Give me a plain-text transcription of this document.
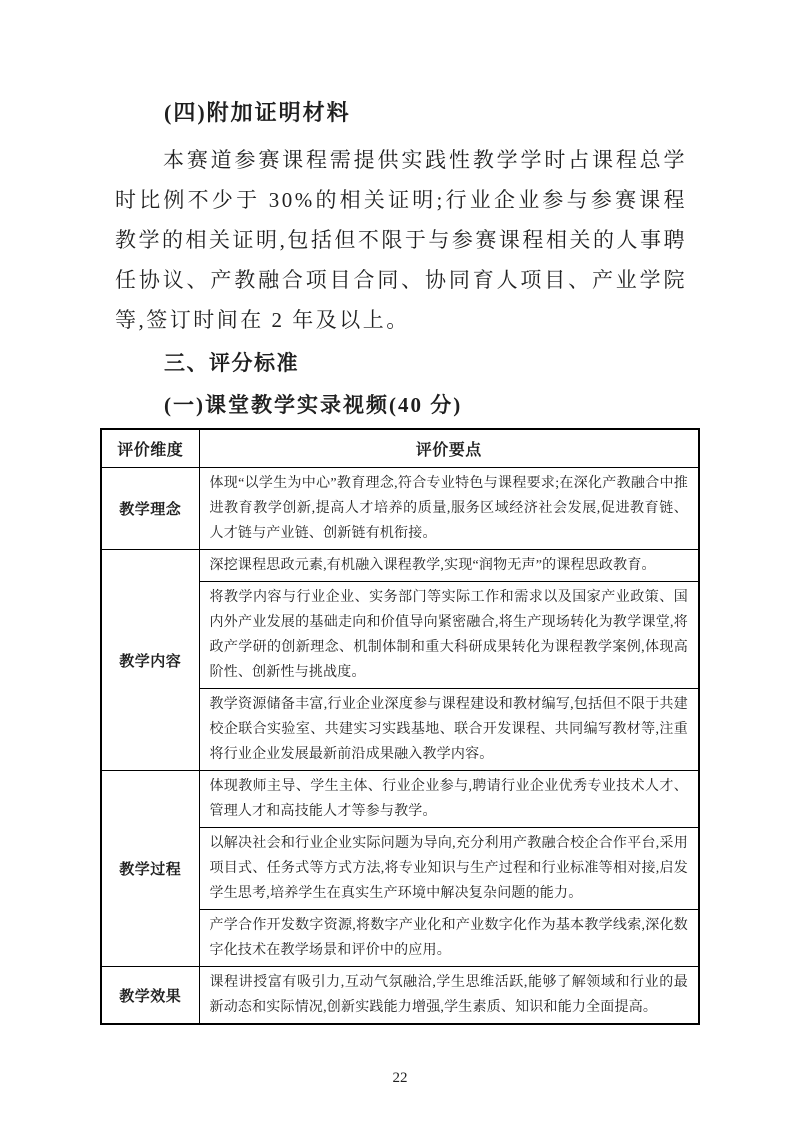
(四)附加证明材料
本赛道参赛课程需提供实践性教学学时占课程总学时比例不少于 30%的相关证明;行业企业参与参赛课程教学的相关证明,包括但不限于与参赛课程相关的人事聘任协议、产教融合项目合同、协同育人项目、产业学院等,签订时间在 2 年及以上。
三、评分标准
(一)课堂教学实录视频(40 分)
评价维度	评价要点
教学理念	体现“以学生为中心”教育理念,符合专业特色与课程要求;在深化产教融合中推进教育教学创新,提高人才培养的质量,服务区域经济社会发展,促进教育链、人才链与产业链、创新链有机衔接。
教学内容	深挖课程思政元素,有机融入课程教学,实现“润物无声”的课程思政教育。
	将教学内容与行业企业、实务部门等实际工作和需求以及国家产业政策、国内外产业发展的基础走向和价值导向紧密融合,将生产现场转化为教学课堂,将政产学研的创新理念、机制体制和重大科研成果转化为课程教学案例,体现高阶性、创新性与挑战度。
	教学资源储备丰富,行业企业深度参与课程建设和教材编写,包括但不限于共建校企联合实验室、共建实习实践基地、联合开发课程、共同编写教材等,注重将行业企业发展最新前沿成果融入教学内容。
教学过程	体现教师主导、学生主体、行业企业参与,聘请行业企业优秀专业技术人才、管理人才和高技能人才等参与教学。
	以解决社会和行业企业实际问题为导向,充分利用产教融合校企合作平台,采用项目式、任务式等方式方法,将专业知识与生产过程和行业标准等相对接,启发学生思考,培养学生在真实生产环境中解决复杂问题的能力。
	产学合作开发数字资源,将数字产业化和产业数字化作为基本教学线索,深化数字化技术在教学场景和评价中的应用。
教学效果	课程讲授富有吸引力,互动气氛融洽,学生思维活跃,能够了解领域和行业的最新动态和实际情况,创新实践能力增强,学生素质、知识和能力全面提高。
22
